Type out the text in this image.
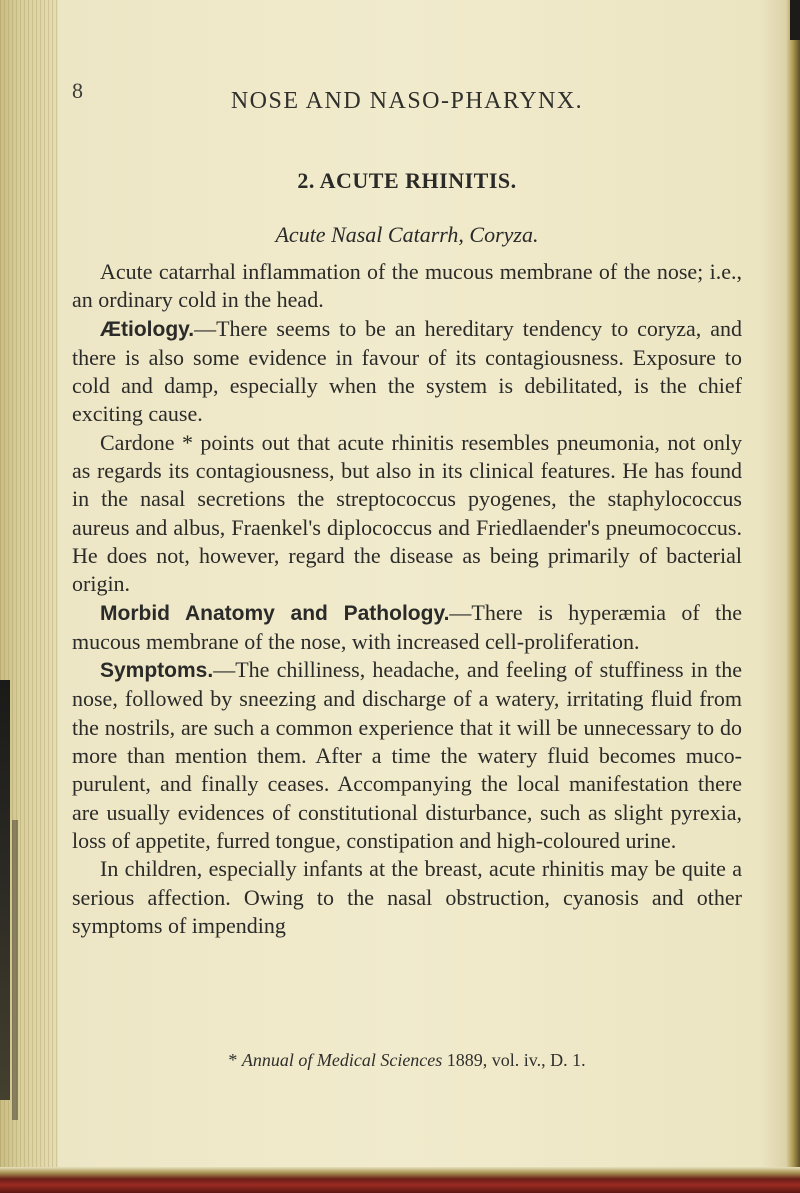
8	NOSE AND NASO-PHARYNX.
2. ACUTE RHINITIS.
Acute Nasal Catarrh, Coryza.

Acute catarrhal inflammation of the mucous membrane of the nose; i.e., an ordinary cold in the head.

Ætiology.—There seems to be an hereditary tendency to coryza, and there is also some evidence in favour of its contagiousness. Exposure to cold and damp, especially when the system is debilitated, is the chief exciting cause.

Cardone * points out that acute rhinitis resembles pneumonia, not only as regards its contagiousness, but also in its clinical features. He has found in the nasal secretions the streptococcus pyogenes, the staphylococcus aureus and albus, Fraenkel's diplococcus and Friedlaender's pneumococcus. He does not, however, regard the disease as being primarily of bacterial origin.

Morbid Anatomy and Pathology.—There is hyperæmia of the mucous membrane of the nose, with increased cell-proliferation.

Symptoms.—The chilliness, headache, and feeling of stuffiness in the nose, followed by sneezing and discharge of a watery, irritating fluid from the nostrils, are such a common experience that it will be unnecessary to do more than mention them. After a time the watery fluid becomes muco-purulent, and finally ceases. Accompanying the local manifestation there are usually evidences of constitutional disturbance, such as slight pyrexia, loss of appetite, furred tongue, constipation and high-coloured urine.

In children, especially infants at the breast, acute rhinitis may be quite a serious affection. Owing to the nasal obstruction, cyanosis and other symptoms of impending

* Annual of Medical Sciences 1889, vol. iv., D. 1.
